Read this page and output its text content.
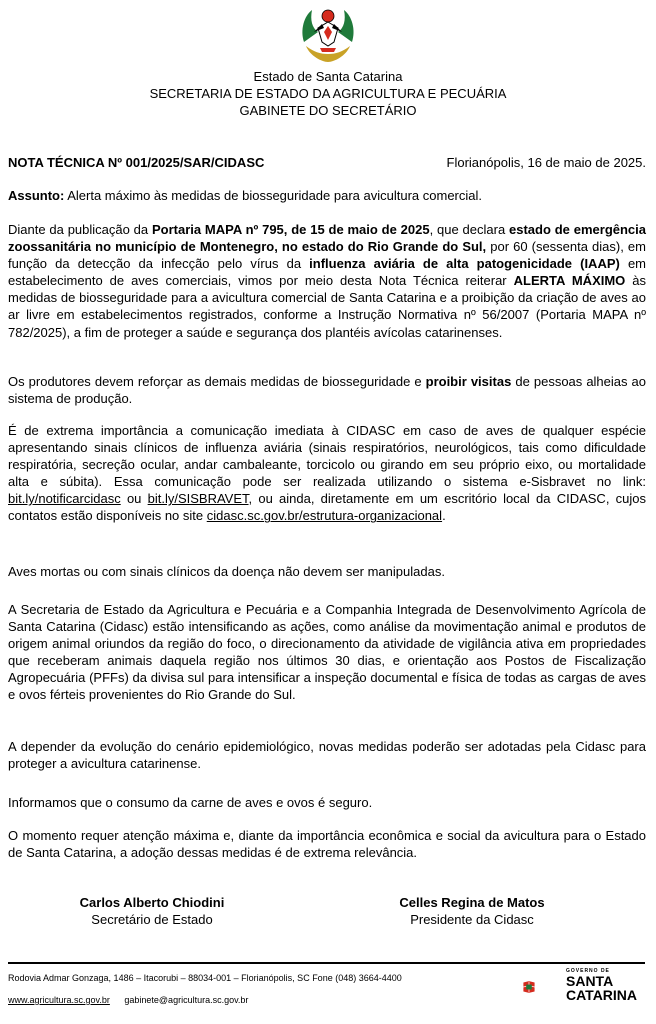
Estado de Santa Catarina
SECRETARIA DE ESTADO DA AGRICULTURA E PECUÁRIA
GABINETE DO SECRETÁRIO
NOTA TÉCNICA Nº 001/2025/SAR/CIDASC	Florianópolis, 16 de maio de 2025.

Assunto: Alerta máximo às medidas de biosseguridade para avicultura comercial.

Diante da publicação da Portaria MAPA nº 795, de 15 de maio de 2025, que declara estado de emergência zoossanitária no município de Montenegro, no estado do Rio Grande do Sul, por 60 (sessenta dias), em função da detecção da infecção pelo vírus da influenza aviária de alta patogenicidade (IAAP) em estabelecimento de aves comerciais, vimos por meio desta Nota Técnica reiterar ALERTA MÁXIMO às medidas de biosseguridade para a avicultura comercial de Santa Catarina e a proibição da criação de aves ao ar livre em estabelecimentos registrados, conforme a Instrução Normativa nº 56/2007 (Portaria MAPA nº 782/2025), a fim de proteger a saúde e segurança dos plantéis avícolas catarinenses.

Os produtores devem reforçar as demais medidas de biosseguridade e proibir visitas de pessoas alheias ao sistema de produção.

É de extrema importância a comunicação imediata à CIDASC em caso de aves de qualquer espécie apresentando sinais clínicos de influenza aviária (sinais respiratórios, neurológicos, tais como dificuldade respiratória, secreção ocular, andar cambaleante, torcicolo ou girando em seu próprio eixo, ou mortalidade alta e súbita). Essa comunicação pode ser realizada utilizando o sistema e-Sisbravet no link: bit.ly/notificarcidasc ou bit.ly/SISBRAVET, ou ainda, diretamente em um escritório local da CIDASC, cujos contatos estão disponíveis no site cidasc.sc.gov.br/estrutura-organizacional.

Aves mortas ou com sinais clínicos da doença não devem ser manipuladas.

A Secretaria de Estado da Agricultura e Pecuária e a Companhia Integrada de Desenvolvimento Agrícola de Santa Catarina (Cidasc) estão intensificando as ações, como análise da movimentação animal e produtos de origem animal oriundos da região do foco, o direcionamento da atividade de vigilância ativa em propriedades que receberam animais daquela região nos últimos 30 dias, e orientação aos Postos de Fiscalização Agropecuária (PFFs) da divisa sul para intensificar a inspeção documental e física de todas as cargas de aves e ovos férteis provenientes do Rio Grande do Sul.

A depender da evolução do cenário epidemiológico, novas medidas poderão ser adotadas pela Cidasc para proteger a avicultura catarinense.

Informamos que o consumo da carne de aves e ovos é seguro.

O momento requer atenção máxima e, diante da importância econômica e social da avicultura para o Estado de Santa Catarina, a adoção dessas medidas é de extrema relevância.

Carlos Alberto Chiodini
Secretário de Estado
Celles Regina de Matos
Presidente da Cidasc
Rodovia Admar Gonzaga, 1486 – Itacorubi – 88034-001 – Florianópolis, SC Fone (048) 3664-4400
www.agricultura.sc.gov.br gabinete@agricultura.sc.gov.br
GOVERNO DE
SANTA
CATARINA
